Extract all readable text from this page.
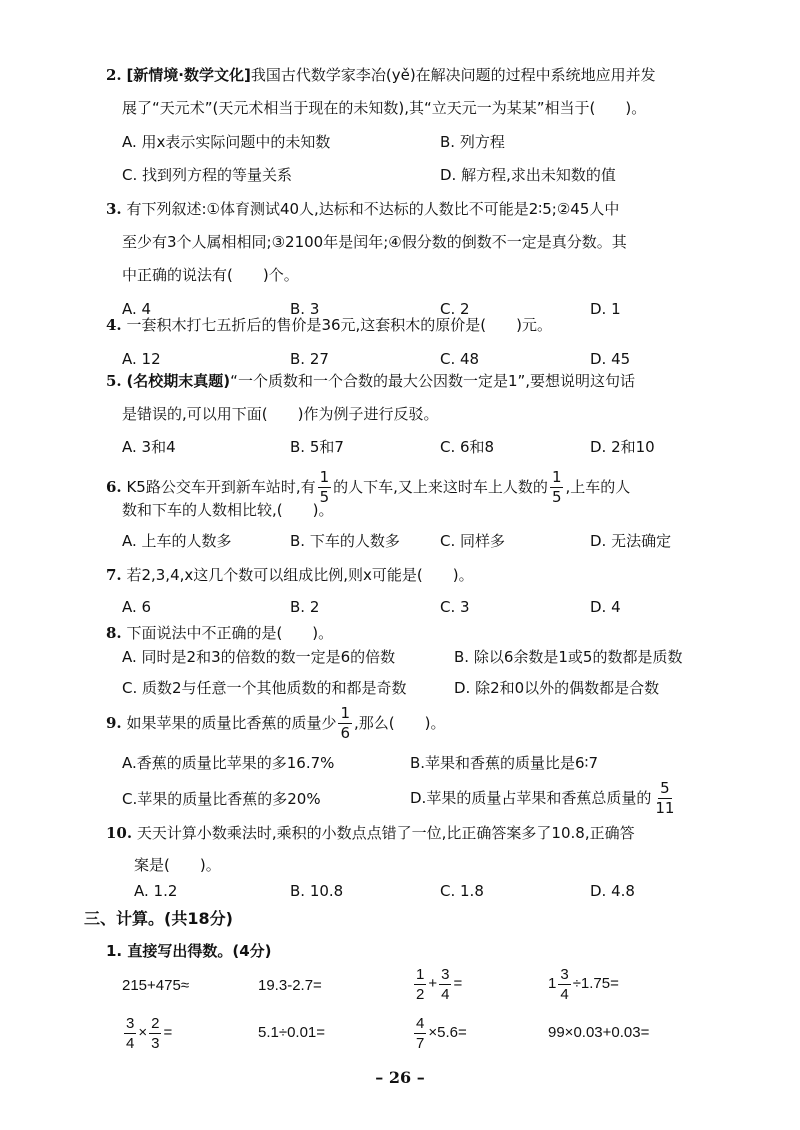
2. [新情境·数学文化]我国古代数学家李冶(yě)在解决问题的过程中系统地应用并发
展了“天元术”(天元术相当于现在的未知数),其“立天元一为某某”相当于(　　)。
A. 用x表示实际问题中的未知数	B. 列方程
C. 找到列方程的等量关系	D. 解方程,求出未知数的值
3. 有下列叙述:①体育测试40人,达标和不达标的人数比不可能是2∶5;②45人中
至少有3个人属相相同;③2100年是闰年;④假分数的倒数不一定是真分数。其
中正确的说法有(　　)个。
A. 4	B. 3	C. 2	D. 1
4. 一套积木打七五折后的售价是36元,这套积木的原价是(　　)元。
A. 12	B. 27	C. 48	D. 45
5. (名校期末真题)“一个质数和一个合数的最大公因数一定是1”,要想说明这句话
是错误的,可以用下面(　　)作为例子进行反驳。
A. 3和4	B. 5和7	C. 6和8	D. 2和10
6. K5路公交车开到新车站时,有 $\frac{1}{5}$ 的人下车,又上来这时车上人数的 $\frac{1}{5}$ ,上车的人
数和下车的人数相比较,(　　)。
A. 上车的人数多	B. 下车的人数多	C. 同样多	D. 无法确定
7. 若2,3,4,x这几个数可以组成比例,则x可能是(　　)。
A. 6	B. 2	C. 3	D. 4
8. 下面说法中不正确的是(　　)。
A. 同时是2和3的倍数的数一定是6的倍数	B. 除以6余数是1或5的数都是质数
C. 质数2与任意一个其他质数的和都是奇数	D. 除2和0以外的偶数都是合数
9. 如果苹果的质量比香蕉的质量少 $\frac{1}{6}$ ,那么(　　)。
A.香蕉的质量比苹果的多16.7%	B.苹果和香蕉的质量比是6∶7
C.苹果的质量比香蕉的多20%	D.苹果的质量占苹果和香蕉总质量的 $\frac{5}{11}$
10. 天天计算小数乘法时,乘积的小数点点错了一位,比正确答案多了10.8,正确答
案是(　　)。
A. 1.2	B. 10.8	C. 1.8	D. 4.8
三、计算。(共18分)
1. 直接写出得数。(4分)
215+475≈	19.3-2.7=	$\frac{1}{2} + \frac{3}{4}$ =	$1 \frac{3}{4} \div 1.75=$
$\frac{3}{4} \times \frac{2}{3}$ =	5.1÷0.01=	$\frac{4}{7} \times 5.6=$	99×0.03+0.03=
– 26 –
